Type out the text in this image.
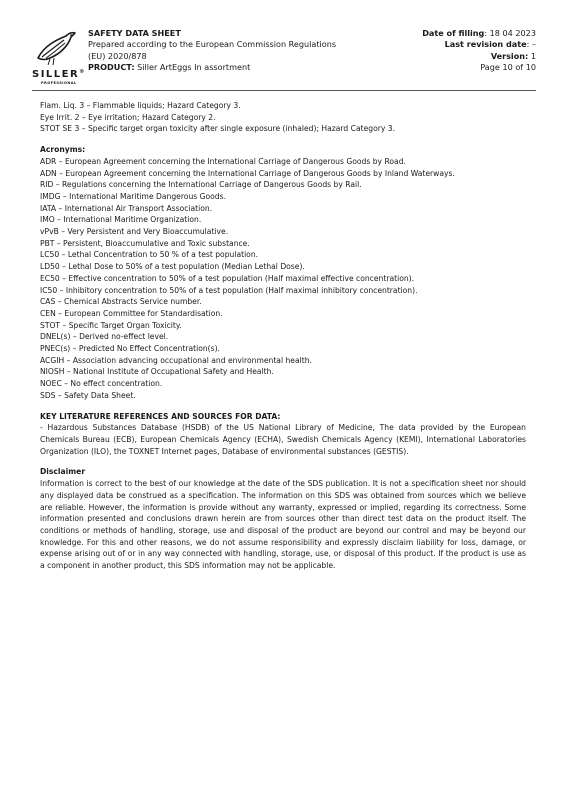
SILLER®
PROFESSIONAL
SAFETY DATA SHEET
Prepared according to the European Commission Regulations
(EU) 2020/878
PRODUCT: Siller ArtEggs In assortment
Date of filling: 18 04 2023
Last revision date: –
Version: 1
Page 10 of 10
Flam. Liq. 3 – Flammable liquids; Hazard Category 3.
Eye Irrit. 2 – Eye irritation; Hazard Category 2.
STOT SE 3 – Specific target organ toxicity after single exposure (inhaled); Hazard Category 3.
Acronyms:
ADR – European Agreement concerning the International Carriage of Dangerous Goods by Road.
ADN – European Agreement concerning the International Carriage of Dangerous Goods by Inland Waterways.
RID – Regulations concerning the International Carriage of Dangerous Goods by Rail.
IMDG – International Maritime Dangerous Goods.
IATA – International Air Transport Association.
IMO – International Maritime Organization.
vPvB – Very Persistent and Very Bioaccumulative.
PBT – Persistent, Bioaccumulative and Toxic substance.
LC50 – Lethal Concentration to 50 % of a test population.
LD50 – Lethal Dose to 50% of a test population (Median Lethal Dose).
EC50 – Effective concentration to 50% of a test population (Half maximal effective concentration).
IC50 – Inhibitory concentration to 50% of a test population (Half maximal inhibitory concentration).
CAS – Chemical Abstracts Service number.
CEN – European Committee for Standardisation.
STOT – Specific Target Organ Toxicity.
DNEL(s) – Derived no-effect level.
PNEC(s) – Predicted No Effect Concentration(s).
ACGIH – Association advancing occupational and environmental health.
NIOSH – National Institute of Occupational Safety and Health.
NOEC – No effect concentration.
SDS – Safety Data Sheet.
KEY LITERATURE REFERENCES AND SOURCES FOR DATA:
- Hazardous Substances Database (HSDB) of the US National Library of Medicine, The data provided by the European Chemicals Bureau (ECB), European Chemicals Agency (ECHA), Swedish Chemicals Agency (KEMI), International Laboratories Organization (ILO), the TOXNET Internet pages, Database of environmental substances (GESTIS).
Disclaimer
Information is correct to the best of our knowledge at the date of the SDS publication. It is not a specification sheet nor should any displayed data be construed as a specification. The information on this SDS was obtained from sources which we believe are reliable. However, the information is provide without any warranty, expressed or implied, regarding its correctness. Some information presented and conclusions drawn herein are from sources other than direct test data on the product itself. The conditions or methods of handling, storage, use and disposal of the product are beyond our control and may be beyond our knowledge. For this and other reasons, we do not assume responsibility and expressly disclaim liability for loss, damage, or expense arising out of or in any way connected with handling, storage, use, or disposal of this product. If the product is use as a component in another product, this SDS information may not be applicable.
